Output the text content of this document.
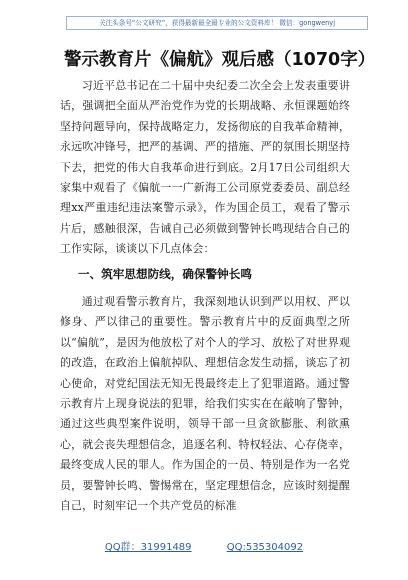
关注头条号“公文研究”，获得最新最全最专业的公文资料库！ 微信：gongwenyj
警示教育片《偏航》观后感（1070字）

习近平总书记在二十届中央纪委二次全会上发表重要讲话，强调把全面从严治党作为党的长期战略、永恒课题始终坚持问题导向，保持战略定力，发扬彻底的自我革命精神，永远吹冲锋号，把严的基调、严的措施、严的氛围长期坚持下去，把党的伟大自我革命进行到底。2月17日公司组织大家集中观看了《偏航一一广新海工公司原党委委员、副总经理xx严重违纪违法案警示录》，作为国企员工，观看了警示片后，感触很深，告诫自己必须做到警钟长鸣现结合自己的工作实际，谈谈以下几点体会：

一、筑牢思想防线，确保警钟长鸣

通过观看警示教育片，我深刻地认识到严以用权、严以修身、严以律己的重要性。警示教育片中的反面典型之所以“偏航”，是因为他放松了对个人的学习、放松了对世界观的改造，在政治上偏航掉队、理想信念发生动摇，谈忘了初心使命，对党纪国法无知无畏最终走上了犯罪道路。通过警示教育片上现身说法的犯罪，给我们实实在在敲响了警钟，通过这些典型案件说明，领导干部一旦贪欲膨胀、利欲熏心，就会丧失理想信念，追逐名利、特权轻法、心存侥幸，最终变成人民的罪人。作为国企的一员、特别是作为一名党员，要警钟长鸣、警惕常在，坚定理想信念，应该时刻提醒自己，时刻牢记一个共产党员的标准

QQ群：31991489	QQ:535304092
